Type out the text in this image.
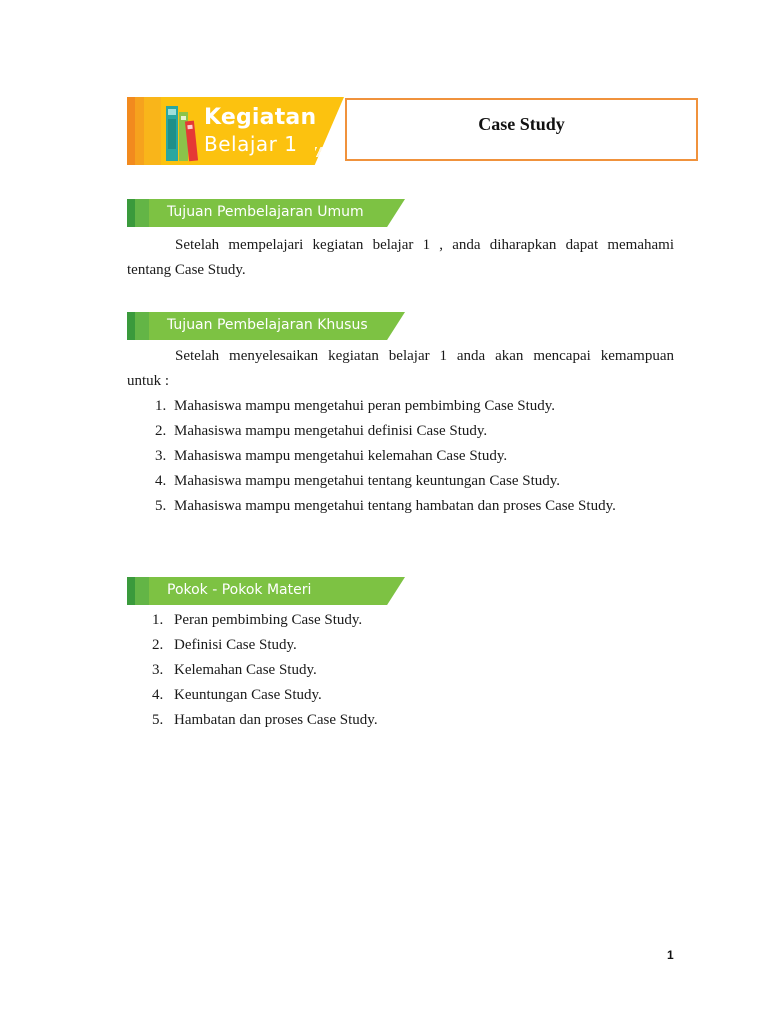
Kegiatan
Belajar 1
Case Study
Tujuan Pembelajaran Umum
Setelah mempelajari kegiatan belajar 1 , anda diharapkan dapat memahami
tentang Case Study.
Tujuan Pembelajaran Khusus
Setelah menyelesaikan kegiatan belajar 1 anda akan mencapai kemampuan
untuk :
1. Mahasiswa mampu mengetahui peran pembimbing Case Study.
2. Mahasiswa mampu mengetahui definisi Case Study.
3. Mahasiswa mampu mengetahui kelemahan Case Study.
4. Mahasiswa mampu mengetahui tentang keuntungan Case Study.
5. Mahasiswa mampu mengetahui tentang hambatan dan proses Case Study.
Pokok - Pokok Materi
1. Peran pembimbing Case Study.
2. Definisi Case Study.
3. Kelemahan Case Study.
4. Keuntungan Case Study.
5. Hambatan dan proses Case Study.
1
